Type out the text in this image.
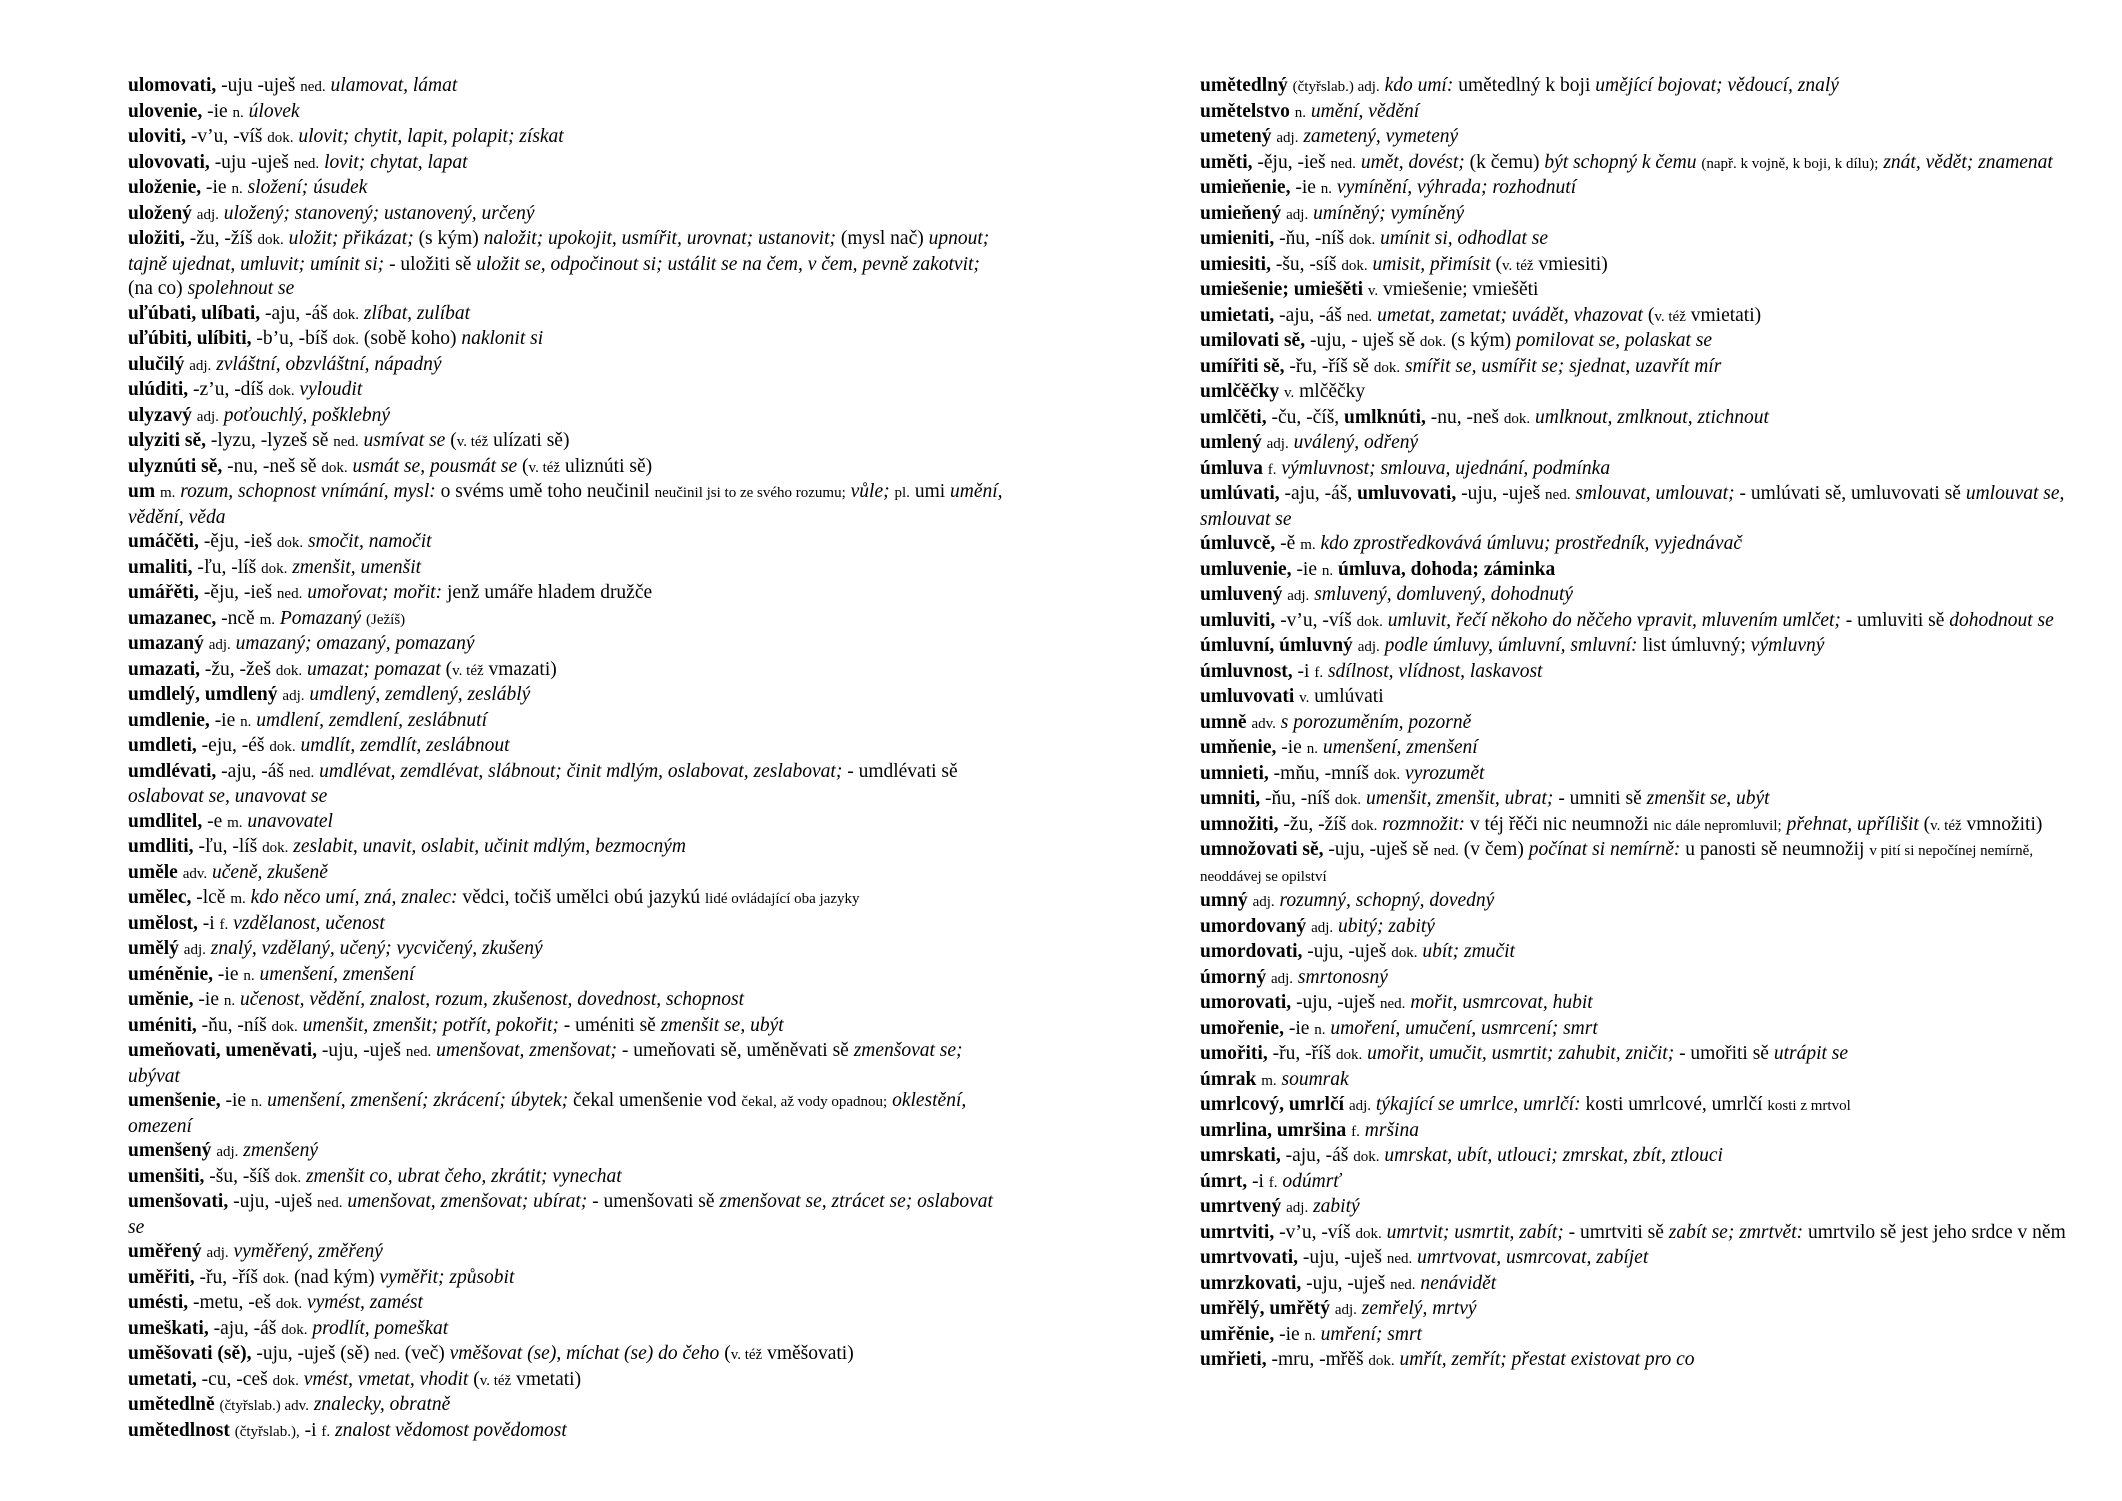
ulomovati, -uju -uješ ned. ulamovat, lámat
ulovenie, -ie n. úlovek
uloviti, -v’u, -víš dok. ulovit; chytit, lapit, polapit; získat
ulovovati, -uju -uješ ned. lovit; chytat, lapat
uloženie, -ie n. složení; úsudek
uložený adj. uložený; stanovený; ustanovený, určený
uložiti, -žu, -žíš dok. uložit; přikázat; (s kým) naložit; upokojit, usmířit, urovnat; ustanovit; (mysl nač) upnout; tajně ujednat, umluvit; umínit si; - uložiti sě uložit se, odpočinout si; ustálit se na čem, v čem, pevně zakotvit; (na co) spolehnout se
uľúbati, ulíbati, -aju, -áš dok. zlíbat, zulíbat
uľúbiti, ulíbiti, -b’u, -bíš dok. (sobě koho) naklonit si
ulučilý adj. zvláštní, obzvláštní, nápadný
ulúditi, -z’u, -díš dok. vyloudit
ulyzavý adj. poťouchlý, pošklebný
ulyziti sě, -lyzu, -lyzeš sě ned. usmívat se (v. též ulízati sě)
ulyznúti sě, -nu, -neš sě dok. usmát se, pousmát se (v. též uliznúti sě)
um m. rozum, schopnost vnímání, mysl: o svéms umě toho neučinil neučinil jsi to ze svého rozumu; vůle; pl. umi umění, vědění, věda
umáčěti, -ěju, -ieš dok. smočit, namočit
umaliti, -ľu, -líš dok. zmenšit, umenšit
umářěti, -ěju, -ieš ned. umořovat; mořit: jenž umáře hladem družče
umazanec, -ncě m. Pomazaný (Ježíš)
umazaný adj. umazaný; omazaný, pomazaný
umazati, -žu, -žeš dok. umazat; pomazat (v. též vmazati)
umdlelý, umdlený adj. umdlený, zemdlený, zesláblý
umdlenie, -ie n. umdlení, zemdlení, zeslábnutí
umdleti, -eju, -éš dok. umdlít, zemdlít, zeslábnout
umdlévati, -aju, -áš ned. umdlévat, zemdlévat, slábnout; činit mdlým, oslabovat, zeslabovat; - umdlévati sě oslabovat se, unavovat se
umdlitel, -e m. unavovatel
umdliti, -ľu, -líš dok. zeslabit, unavit, oslabit, učinit mdlým, bezmocným
uměle adv. učeně, zkušeně
umělec, -lcě m. kdo něco umí, zná, znalec: vědci, točiš umělci obú jazykú lidé ovládající oba jazyky
umělost, -i f. vzdělanost, učenost
umělý adj. znalý, vzdělaný, učený; vycvičený, zkušený
uméněnie, -ie n. umenšení, zmenšení
uměnie, -ie n. učenost, vědění, znalost, rozum, zkušenost, dovednost, schopnost
uméniti, -ňu, -níš dok. umenšit, zmenšit; potřít, pokořit; - uméniti sě zmenšit se, ubýt
umeňovati, umeněvati, -uju, -uješ ned. umenšovat, zmenšovat; - umeňovati sě, uměněvati sě zmenšovat se; ubývat
umenšenie, -ie n. umenšení, zmenšení; zkrácení; úbytek; čekal umenšenie vod čekal, až vody opadnou; oklestění, omezení
umenšený adj. zmenšený
umenšiti, -šu, -šíš dok. zmenšit co, ubrat čeho, zkrátit; vynechat
umenšovati, -uju, -uješ ned. umenšovat, zmenšovat; ubírat; - umenšovati sě zmenšovat se, ztrácet se; oslabovat se
uměřený adj. vyměřený, změřený
uměřiti, -řu, -říš dok. (nad kým) vyměřit; způsobit
umésti, -metu, -eš dok. vymést, zamést
umeškati, -aju, -áš dok. prodlít, pomeškat
uměšovati (sě), -uju, -uješ (sě) ned. (več) vměšovat (se), míchat (se) do čeho (v. též vměšovati)
umetati, -cu, -ceš dok. vmést, vmetat, vhodit (v. též vmetati)
umětedlně (čtyřslab.) adv. znalecky, obratně
umětedlnost (čtyřslab.), -i f. znalost vědomost povědomost
umětedlný (čtyřslab.) adj. kdo umí: umětedlný k boji umějící bojovat; vědoucí, znalý
umětelstvo n. umění, vědění
umetený adj. zametený, vymetený
uměti, -ěju, -ieš ned. umět, dovést; (k čemu) být schopný k čemu (např. k vojně, k boji, k dílu); znát, vědět; znamenat
umieňenie, -ie n. vymínění, výhrada; rozhodnutí
umieňený adj. umíněný; vymíněný
umieniti, -ňu, -níš dok. umínit si, odhodlat se
umiesiti, -šu, -síš dok. umisit, přimísit (v. též vmiesiti)
umiešenie; umiešěti v. vmiešenie; vmiešěti
umietati, -aju, -áš ned. umetat, zametat; uvádět, vhazovat (v. též vmietati)
umilovati sě, -uju, - uješ sě dok. (s kým) pomilovat se, polaskat se
umířiti sě, -řu, -říš sě dok. smířit se, usmířit se; sjednat, uzavřít mír
umlčěčky v. mlčěčky
umlčěti, -ču, -číš, umlknúti, -nu, -neš dok. umlknout, zmlknout, ztichnout
umlený adj. uválený, odřený
úmluva f. výmluvnost; smlouva, ujednání, podmínka
umlúvati, -aju, -áš, umluvovati, -uju, -uješ ned. smlouvat, umlouvat; - umlúvati sě, umluvovati sě umlouvat se, smlouvat se
úmluvcě, -ě m. kdo zprostředkovává úmluvu; prostředník, vyjednávač
umluvenie, -ie n. úmluva, dohoda; záminka
umluvený adj. smluvený, domluvený, dohodnutý
umluviti, -v’u, -víš dok. umluvit, řečí někoho do něčeho vpravit, mluvením umlčet; - umluviti sě dohodnout se
úmluvní, úmluvný adj. podle úmluvy, úmluvní, smluvní: list úmluvný; výmluvný
úmluvnost, -i f. sdílnost, vlídnost, laskavost
umluvovati v. umlúvati
umně adv. s porozuměním, pozorně
umňenie, -ie n. umenšení, zmenšení
umnieti, -mňu, -mníš dok. vyrozumět
umniti, -ňu, -níš dok. umenšit, zmenšit, ubrat; - umniti sě zmenšit se, ubýt
umnožiti, -žu, -žíš dok. rozmnožit: v téj řěči nic neumnoži nic dále nepromluvil; přehnat, upřílišit (v. též vmnožiti)
umnožovati sě, -uju, -uješ sě ned. (v čem) počínat si nemírně: u panosti sě neumnožij v pití si nepočínej nemírně, neoddávej se opilství
umný adj. rozumný, schopný, dovedný
umordovaný adj. ubitý; zabitý
umordovati, -uju, -uješ dok. ubít; zmučit
úmorný adj. smrtonosný
umorovati, -uju, -uješ ned. mořit, usmrcovat, hubit
umořenie, -ie n. umoření, umučení, usmrcení; smrt
umořiti, -řu, -říš dok. umořit, umučit, usmrtit; zahubit, zničit; - umořiti sě utrápit se
úmrak m. soumrak
umrlcový, umrlčí adj. týkající se umrlce, umrlčí: kosti umrlcové, umrlčí kosti z mrtvol
umrlina, umršina f. mršina
umrskati, -aju, -áš dok. umrskat, ubít, utlouci; zmrskat, zbít, ztlouci
úmrt, -i f. odúmrť
umrtvený adj. zabitý
umrtviti, -v’u, -víš dok. umrtvit; usmrtit, zabít; - umrtviti sě zabít se; zmrtvět: umrtvilo sě jest jeho srdce v něm
umrtvovati, -uju, -uješ ned. umrtvovat, usmrcovat, zabíjet
umrzkovati, -uju, -uješ ned. nenávidět
umřělý, umřětý adj. zemřelý, mrtvý
umřěnie, -ie n. umření; smrt
umřieti, -mru, -mřěš dok. umřít, zemřít; přestat existovat pro co
